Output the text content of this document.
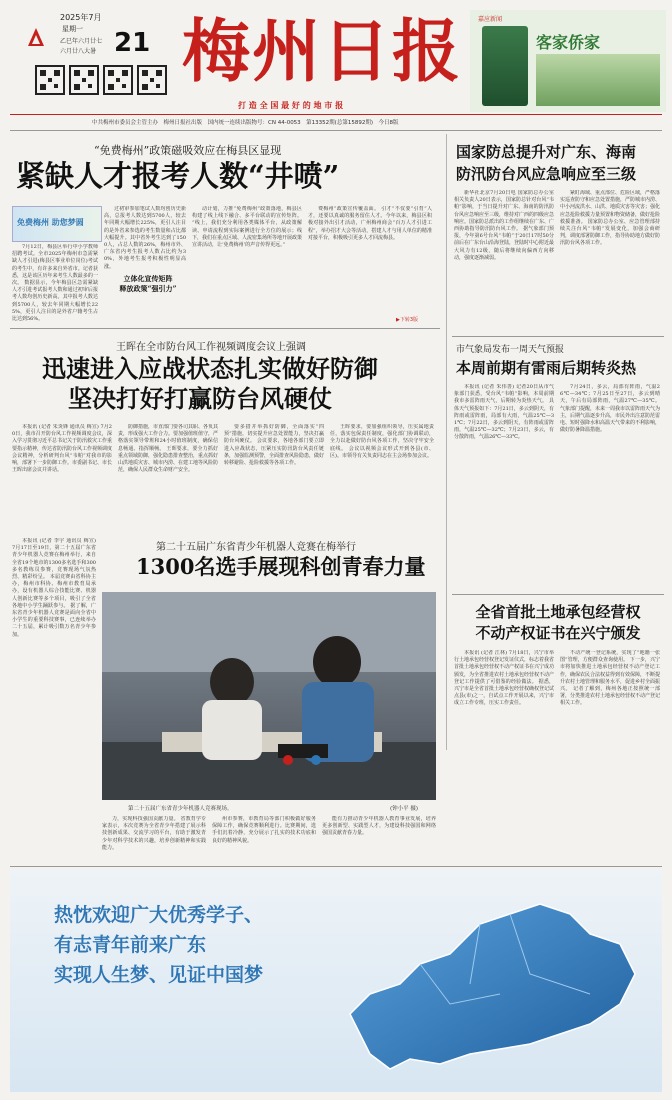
2025年7月
星期一 21
乙巳年六月廿七
六月廿八大暑 梅州日报
打 造 全 国 最 好 的 地 市 报
嘉应新闻
客家侨家
中共梅州市委员会主管主办　梅州日报社出版　国内统一连续出版物号：CN 44-0053　第13352期(总第15892期)　今日8版
“免费梅州”政策磁吸效应在梅县区显现
紧缺人才报考人数“井喷”
免费梅州 助您梦圆

7月12日，梅县区举行中小学教师招聘考试。全市2025年梅州市急需紧缺人才引进(梅县区事业单位岗位)考试的考生中，有许多来自外省市。记者获悉，这是该区历年来考生人数最多的一次。 数据显示，今年梅县区急需紧缺人才引进考试报考人数和通过初审后报考人数均创历史新高。其中报考人数达到5700人，较去年同期大幅增长225%，更引人注目的是外省户籍考生占比达到56%。

过初审参加笔试人数均创历史新高，总报考人数达到5700人，较去年同期大幅增长225%，更引人注目的是外省来参选的考生数量和占比都大幅提升。其中省外考生达到了1500人，占总人数的26%，梅州市外、广东省内考生报考人数占比约为30%，外地考生报考积极性明显高涨。

立体化宣传矩阵
释放政策“强引力”

动计划，力推“免费梅州”政策落地，梅县区构建了线上线下融合、多平台联动的宣传矩阵。 “线上，我们充分利用各类媒体平台，从政策解读、申请流程到实际案例进行全方位的展示；线下，我们在重点区域、人流密集场所等地开展政策宣讲活动，让‘免费梅州’的声音传得更远。”

费梅州”政策宣传覆盖面。 引才“不仅要”引育“人才，还要以真诚的服务留住人才。今年以来，梅县区积极对接外出引才活动，广州梅州商会“百万人才引进工程”，举办招才大会等活动，搭建人才与用人单位的精准对接平台，积极吸引更多人才回流梅县。

▶下转3版
国家防总提升对广东、海南
防汛防台风应急响应至三级

新华社北京7月20日电 国家防总办公室相关负责人20日表示，国家防总针对台风“韦帕”影响，于当日提升对广东、海南的防汛防台风应急响应至三级，维持对广西的四级应急响应。国家防总派出的工作组继续在广东、广西协助指导防汛防台风工作。 据气象部门预报，今年第6号台风“韦帕”于20日17时50分前后在广东台山沿海登陆，登陆时中心附近最大风力有12级，随后将继续向偏西方向移动，强度逐渐减弱。

紧盯海域、重点部位、危险区域，严格落实巡查防守和应急处置措施，严防城市内涝、中小河流洪水、山洪、地质灾害等灾害；强化应急抢险救援力量预置和物资储备，做好抢险救援准备。 国家防总办公室、应急管理部持续关注台风“韦帕”发展变化，加强会商研判，调度部署防御工作，指导协助地方做好防汛防台风各项工作。

市气象局发布一周天气预报
本周前期有雷雨后期转炎热

本报讯 (记者 朱伟善) 记者20日从市气象部门获悉，受台风“韦帕”影响，本周前期我市多雷阵雨天气，后期转为炎热天气。 具体天气预报如下：7月21日，多云到阴天，有阵雨或雷阵雨，局部有大雨，气温25℃—31℃；7月22日，多云到阴天，有阵雨或雷阵雨，气温25℃—32℃；7月23日，多云，有分散阵雨，气温26℃—33℃。

7月24日，多云，局部有阵雨，气温26℃—34℃；7月25日至27日，多云到晴天，午后有局部阵雨，气温27℃—35℃。 气象部门提醒，未来一周我市以雷阵雨天气为主，后期气温逐步升高，市民外出注意防范雷电、短时强降水和高温天气带来的不利影响，做好防暑降温措施。

全省首批土地承包经营权
不动产权证书在兴宁颁发

本报讯 (记者 江林) 7月18日，兴宁市举行土地承包经营权登记发证仪式，标志着我省首批土地承包经营权不动产权证书在兴宁成功颁发，为全省推进农村土地承包经营权不动产登记工作提供了可借鉴的经验做法。 据悉，兴宁市是全省首批土地承包经营权确权登记试点县(市)之一，自试点工作开展以来，兴宁市成立工作专班，压实工作责任。

不动产统一登记系统，实现了“地籍一张图”管理，方便群众查询使用。 下一步，兴宁市将加快推进土地承包经营权不动产登记工作，确保农民合法权益得到有效保障，不断提升农村土地管理和服务水平，促进乡村全面振兴。 记者了解到，梅州各地正按照统一部署，分类推进农村土地承包经营权不动产登记相关工作。

王晖在全市防台风工作视频调度会议上强调
迅速进入应战状态扎实做好防御
坚决打好打赢防台风硬仗

本报讯 (记者 朱炎锋 通讯员 梅宣) 7月20日，我市召开防台风工作视频调度会议，深入学习贯彻习近平总书记关于防汛救灾工作重要指示精神，传达省防汛防台风工作视频调度会议精神，分析研判台风“韦帕”对我市的影响，部署下一步防御工作。市委副书记、市长王晖出席会议并讲话。

防御措施，市直部门要各司其职、各负其责，形成强大工作合力。要加强值班值守，严格落实领导带班和24小时值班制度，确保信息畅通、指挥顺畅。 王晖要求，要全力抓好重点领域防御，强化隐患排查整治，重点抓好山洪地质灾害、城市内涝、在建工地等风险防范，确保人民群众生命财产安全。

要多措并举抓好防御，全面落实“四预”措施，切实提升应急处置能力，坚决打赢防台风硬仗。 会议要求，各地各部门要立即进入应战状态，压紧压实防汛防台风责任链条，加强监测预警，全面排查风险隐患，做好转移避险、抢险救援等各项工作。

王晖要求，要加强组织领导，压实属地责任，落实包保责任制度，强化部门协调联动，全力以赴做好防台风各项工作，坚决守牢安全底线。 会议以视频会议形式开到各县(市、区)。市领导有关负责同志在主会场参加会议。

本报讯 (记者 李宇 通讯员 梅宣) 7月17日至19日，第二十五届广东省青少年机器人竞赛在梅州举行，来自全省19个地市的1300多名选手和300多名教练员参赛，竞赛现场气氛热烈、精彩纷呈。 本届竞赛由省科协主办，梅州市科协、梅州市教育局承办，设有机器人综合技能比赛、机器人创新比赛等多个项目，吸引了全省各地中小学生踊跃参与。 据了解，广东省青少年机器人竞赛是面向全省中小学生的重要科技赛事，已连续举办二十五届，累计吸引数万名青少年参加。

第二十五届广东省青少年机器人竞赛在梅举行
1300名选手展现科创青春力量
第二十五届广东省青少年机器人竞赛现场。	(钟小平 摄)

力，实现科技强国贡献力量。 省教育学专家表示，本次竞赛为全省青少年搭建了展示科技创新成果、交流学习的平台，有助于激发青少年对科学技术的兴趣，培养创新精神和实践能力。

州市参赛，市教育局等部门积极做好服务保障工作，确保竞赛顺利进行。比赛期间，选手们沉着冷静，充分展示了扎实的技术功底和良好的精神风貌。

能有力推动青少年机器人教育事业发展，培养更多创新型、实践型人才，为建设科技强国和网络强国贡献青春力量。

热忱欢迎广大优秀学子、
有志青年前来广东
实现人生梦、见证中国梦
